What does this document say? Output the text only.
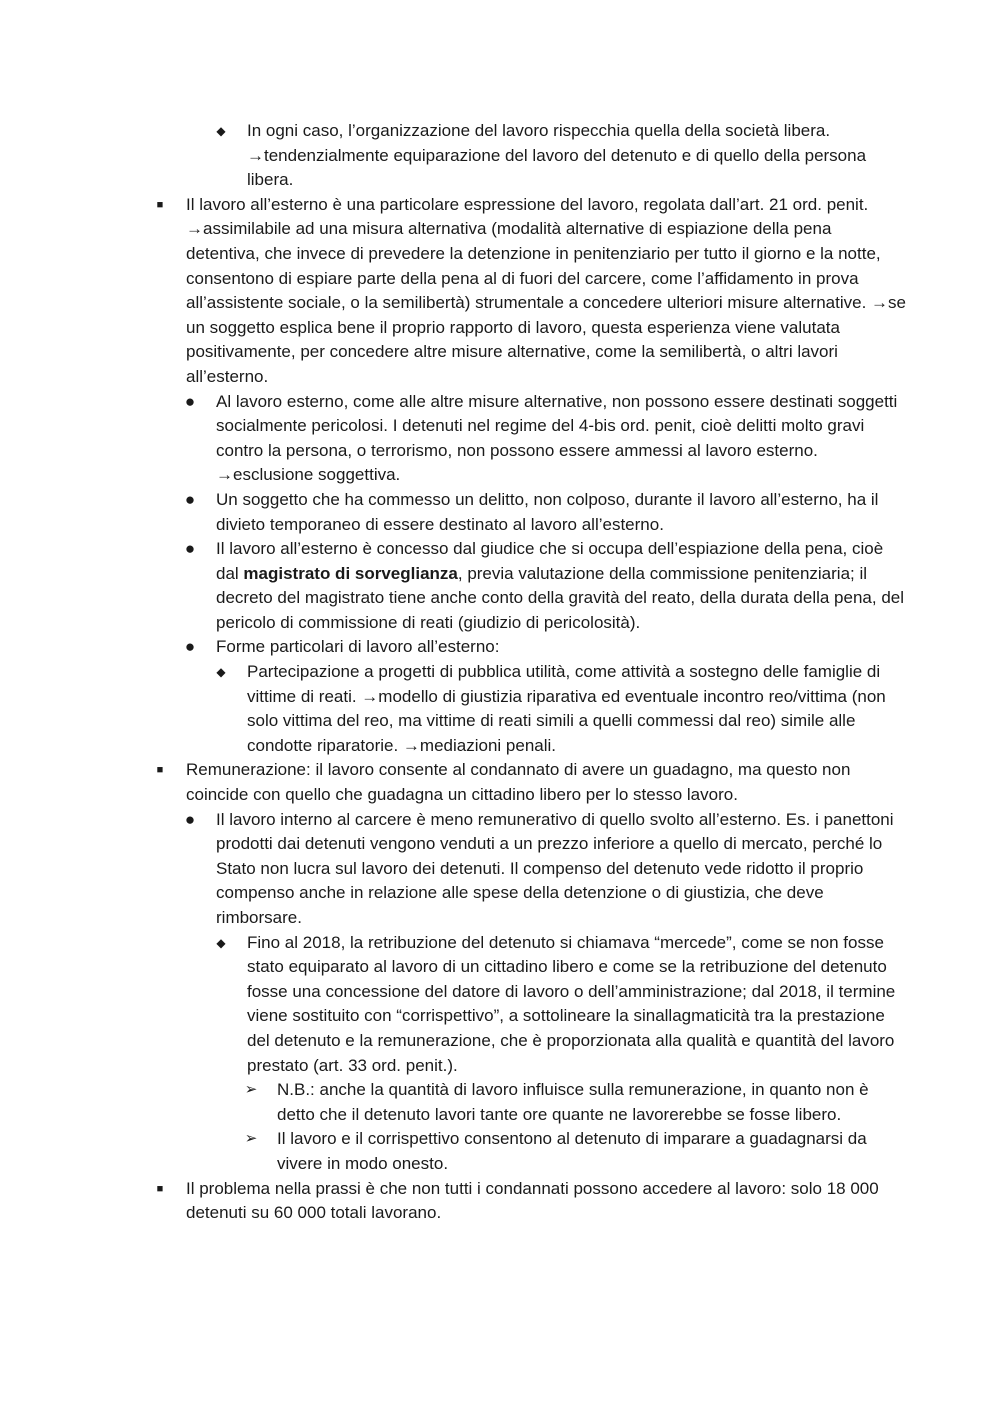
◆	In ogni caso, l’organizzazione del lavoro rispecchia quella della società libera. →tendenzialmente equiparazione del lavoro del detenuto e di quello della persona libera.
■	Il lavoro all’esterno è una particolare espressione del lavoro, regolata dall’art. 21 ord. penit. →assimilabile ad una misura alternativa (modalità alternative di espiazione della pena detentiva, che invece di prevedere la detenzione in penitenziario per tutto il giorno e la notte, consentono di espiare parte della pena al di fuori del carcere, come l’affidamento in prova all’assistente sociale, o la semilibertà) strumentale a concedere ulteriori misure alternative. →se un soggetto esplica bene il proprio rapporto di lavoro, questa esperienza viene valutata positivamente, per concedere altre misure alternative, come la semilibertà, o altri lavori all’esterno.
● Al lavoro esterno, come alle altre misure alternative, non possono essere destinati soggetti socialmente pericolosi. I detenuti nel regime del 4-bis ord. penit, cioè delitti molto gravi contro la persona, o terrorismo, non possono essere ammessi al lavoro esterno. →esclusione soggettiva.
● Un soggetto che ha commesso un delitto, non colposo, durante il lavoro all’esterno, ha il divieto temporaneo di essere destinato al lavoro all’esterno.
● Il lavoro all’esterno è concesso dal giudice che si occupa dell’espiazione della pena, cioè dal magistrato di sorveglianza, previa valutazione della commissione penitenziaria; il decreto del magistrato tiene anche conto della gravità del reato, della durata della pena, del pericolo di commissione di reati (giudizio di pericolosità).
● Forme particolari di lavoro all’esterno:
◆	Partecipazione a progetti di pubblica utilità, come attività a sostegno delle famiglie di vittime di reati. →modello di giustizia riparativa ed eventuale incontro reo/vittima (non solo vittima del reo, ma vittime di reati simili a quelli commessi dal reo) simile alle condotte riparatorie. →mediazioni penali.
■	Remunerazione: il lavoro consente al condannato di avere un guadagno, ma questo non coincide con quello che guadagna un cittadino libero per lo stesso lavoro.
● Il lavoro interno al carcere è meno remunerativo di quello svolto all’esterno. Es. i panettoni prodotti dai detenuti vengono venduti a un prezzo inferiore a quello di mercato, perché lo Stato non lucra sul lavoro dei detenuti. Il compenso del detenuto vede ridotto il proprio compenso anche in relazione alle spese della detenzione o di giustizia, che deve rimborsare.
◆	Fino al 2018, la retribuzione del detenuto si chiamava “mercede”, come se non fosse stato equiparato al lavoro di un cittadino libero e come se la retribuzione del detenuto fosse una concessione del datore di lavoro o dell’amministrazione; dal 2018, il termine viene sostituito con “corrispettivo”, a sottolineare la sinallagmaticità tra la prestazione del detenuto e la remunerazione, che è proporzionata alla qualità e quantità del lavoro prestato (art. 33 ord. penit.).
➢ N.B.: anche la quantità di lavoro influisce sulla remunerazione, in quanto non è detto che il detenuto lavori tante ore quante ne lavorerebbe se fosse libero.
➢ Il lavoro e il corrispettivo consentono al detenuto di imparare a guadagnarsi da vivere in modo onesto.
■	Il problema nella prassi è che non tutti i condannati possono accedere al lavoro: solo 18 000 detenuti su 60 000 totali lavorano.
